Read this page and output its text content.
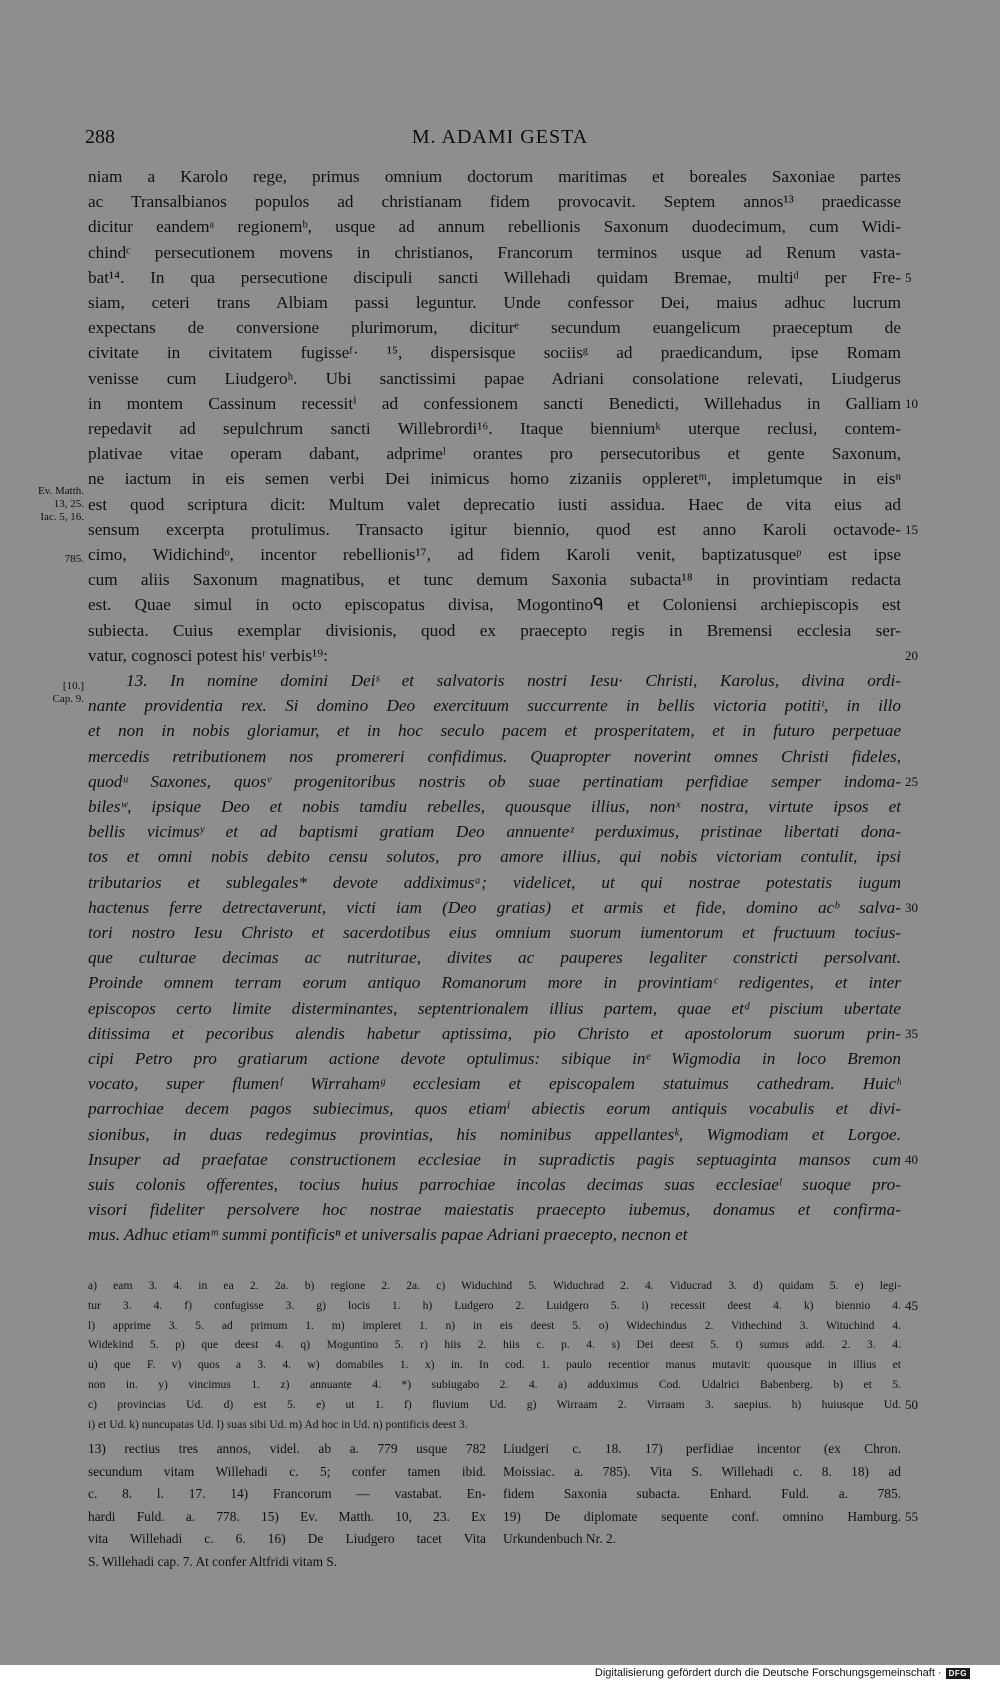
288	M. ADAMI GESTA
niam a Karolo rege, primus omnium doctorum maritimas et boreales Saxoniae partes
ac Transalbianos populos ad christianam fidem provocavit. Septem annos¹³ praedicasse
dicitur eandemᵃ regionemᵇ, usque ad annum rebellionis Saxonum duodecimum, cum Widi-
chindᶜ persecutionem movens in christianos, Francorum terminos usque ad Renum vasta-
bat¹⁴. In qua persecutione discipuli sancti Willehadi quidam Bremae, multiᵈ per Fre-
siam, ceteri trans Albiam passi leguntur. Unde confessor Dei, maius adhuc lucrum
expectans de conversione plurimorum, diciturᵉ secundum euangelicum praeceptum de
civitate in civitatem fugisseᶠ· ¹⁵, dispersisque sociisᵍ ad praedicandum, ipse Romam
venisse cum Liudgeroʰ. Ubi sanctissimi papae Adriani consolatione relevati, Liudgerus
in montem Cassinum recessitⁱ ad confessionem sancti Benedicti, Willehadus in Galliam
repedavit ad sepulchrum sancti Willebrordi¹⁶. Itaque bienniumᵏ uterque reclusi, contem-
plativae vitae operam dabant, adprimeˡ orantes pro persecutoribus et gente Saxonum,
ne iactum in eis semen verbi Dei inimicus homo zizaniis oppleretᵐ, impletumque in eisⁿ
est quod scriptura dicit: Multum valet deprecatio iusti assidua. Haec de vita eius ad
sensum excerpta protulimus. Transacto igitur biennio, quod est anno Karoli octavode-
cimo, Widichindᵒ, incentor rebellionis¹⁷, ad fidem Karoli venit, baptizatusqueᵖ est ipse
cum aliis Saxonum magnatibus, et tunc demum Saxonia subacta¹⁸ in provintiam redacta
est. Quae simul in octo episcopatus divisa, Mogontinoᑫ et Coloniensi archiepiscopis est
subiecta. Cuius exemplar divisionis, quod ex praecepto regis in Bremensi ecclesia ser-
vatur, cognosci potest hisʳ verbis¹⁹:
13. In nomine domini Deiˢ et salvatoris nostri Iesu· Christi, Karolus, divina ordi-
nante providentia rex. Si domino Deo exercituum succurrente in bellis victoria potitiᵗ, in illo
et non in nobis gloriamur, et in hoc seculo pacem et prosperitatem, et in futuro perpetuae
mercedis retributionem nos promereri confidimus. Quapropter noverint omnes Christi fideles,
quodᵘ Saxones, quosᵛ progenitoribus nostris ob suae pertinatiam perfidiae semper indoma-
bilesʷ, ipsique Deo et nobis tamdiu rebelles, quousque illius, nonˣ nostra, virtute ipsos et
bellis vicimusʸ et ad baptismi gratiam Deo annuenteᶻ perduximus, pristinae libertati dona-
tos et omni nobis debito censu solutos, pro amore illius, qui nobis victoriam contulit, ipsi
tributarios et sublegales* devote addiximusᵃ; videlicet, ut qui nostrae potestatis iugum
hactenus ferre detrectaverunt, victi iam (Deo gratias) et armis et fide, domino acᵇ salva-
tori nostro Iesu Christo et sacerdotibus eius omnium suorum iumentorum et fructuum tocius-
que culturae decimas ac nutriturae, divites ac pauperes legaliter constricti persolvant.
Proinde omnem terram eorum antiquo Romanorum more in provintiamᶜ redigentes, et inter
episcopos certo limite disterminantes, septentrionalem illius partem, quae etᵈ piscium ubertate
ditissima et pecoribus alendis habetur aptissima, pio Christo et apostolorum suorum prin-
cipi Petro pro gratiarum actione devote optulimus: sibique inᵉ Wigmodia in loco Bremon
vocato, super flumenᶠ Wirrahamᵍ ecclesiam et episcopalem statuimus cathedram. Huicʰ
parrochiae decem pagos subiecimus, quos etiamⁱ abiectis eorum antiquis vocabulis et divi-
sionibus, in duas redegimus provintias, his nominibus appellantesᵏ, Wigmodiam et Lorgoe.
Insuper ad praefatae constructionem ecclesiae in supradictis pagis septuaginta mansos cum
suis colonis offerentes, tocius huius parrochiae incolas decimas suas ecclesiaeˡ suoque pro-
visori fideliter persolvere hoc nostrae maiestatis praecepto iubemus, donamus et confirma-
mus. Adhuc etiamᵐ summi pontificisⁿ et universalis papae Adriani praecepto, necnon et
5
10
15
20
25
30
35
40
Ev. Matth.
13, 25.
Iac. 5, 16.
785.
[10.]
Cap. 9.
a) eam 3. 4. in ea 2. 2a. b) regione 2. 2a. c) Widuchind 5. Widuchrad 2. 4. Viducrad 3. d) quidam 5. e) legi-
tur 3. 4. f) confugisse 3. g) locis 1. h) Ludgero 2. Luidgero 5. i) recessit deest 4. k) biennio 4.
l) apprime 3. 5. ad primum 1. m) impleret 1. n) in eis deest 5. o) Widechindus 2. Vithechind 3. Wituchind 4.
Widekind 5. p) que deest 4. q) Moguntino 5. r) hiis 2. hiis c. p. 4. s) Dei deest 5. t) sumus add. 2. 3. 4.
u) que F. v) quos a 3. 4. w) domabiles 1. x) in. In cod. 1. paulo recentior manus mutavit: quousque in illius et
non in. y) vincimus 1. z) annuante 4. *) subiugabo 2. 4. a) adduximus Cod. Udalrici Babenberg. b) et 5.
c) provincias Ud. d) est 5. e) ut 1. f) fluvium Ud. g) Wirraam 2. Virraam 3. saepius. h) huiusque Ud.
i) et Ud. k) nuncupatas Ud. l) suas sibi Ud. m) Ad hoc in Ud. n) pontificis deest 3.
45
50
13) rectius tres annos, videl. ab a. 779 usque 782
secundum vitam Willehadi c. 5; confer tamen ibid.
c. 8. l. 17. 14) Francorum — vastabat. En-
hardi Fuld. a. 778. 15) Ev. Matth. 10, 23. Ex
vita Willehadi c. 6. 16) De Liudgero tacet Vita
S. Willehadi cap. 7. At confer Altfridi vitam S.
Liudgeri c. 18. 17) perfidiae incentor (ex Chron.
Moissiac. a. 785). Vita S. Willehadi c. 8. 18) ad
fidem Saxonia subacta. Enhard. Fuld. a. 785.
19) De diplomate sequente conf. omnino Hamburg.
Urkundenbuch Nr. 2.
55
Digitalisierung gefördert durch die Deutsche Forschungsgemeinschaft · DFG
